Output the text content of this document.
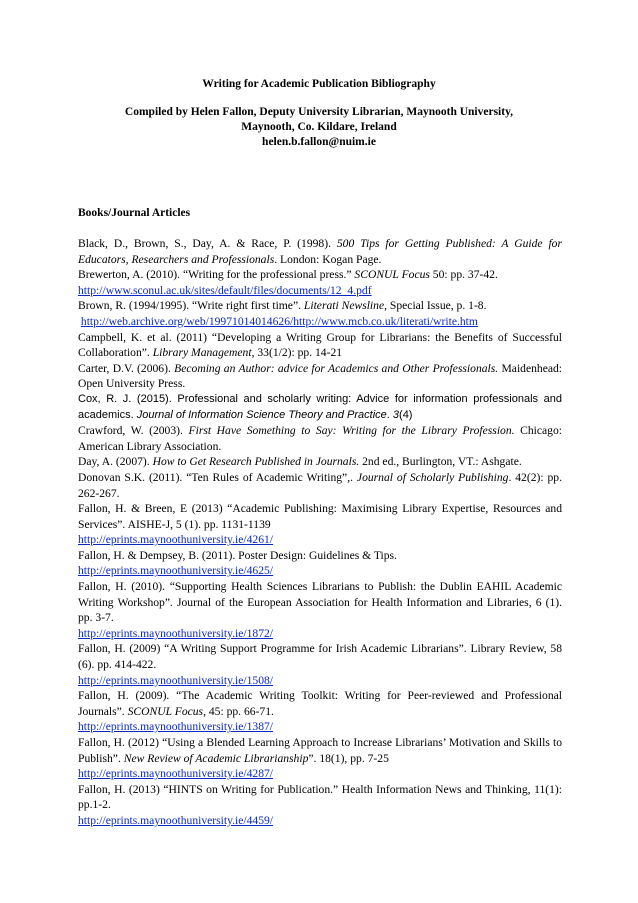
Writing for Academic Publication Bibliography
Compiled by Helen Fallon, Deputy University Librarian, Maynooth University,
Maynooth, Co. Kildare, Ireland
helen.b.fallon@nuim.ie
Books/Journal Articles

Black, D., Brown, S., Day, A. & Race, P. (1998). 500 Tips for Getting Published: A Guide for Educators, Researchers and Professionals. London: Kogan Page.

Brewerton, A. (2010). “Writing for the professional press.” SCONUL Focus 50: pp. 37-42.
http://www.sconul.ac.uk/sites/default/files/documents/12_4.pdf

Brown, R. (1994/1995). “Write right first time”. Literati Newsline, Special Issue, p. 1-8.
http://web.archive.org/web/19971014014626/http://www.mcb.co.uk/literati/write.htm

Campbell, K. et al. (2011) “Developing a Writing Group for Librarians: the Benefits of Successful Collaboration”. Library Management, 33(1/2): pp. 14-21

Carter, D.V. (2006). Becoming an Author: advice for Academics and Other Professionals. Maidenhead: Open University Press.

Cox, R. J. (2015). Professional and scholarly writing: Advice for information professionals and academics. Journal of Information Science Theory and Practice. 3(4)

Crawford, W. (2003). First Have Something to Say: Writing for the Library Profession. Chicago: American Library Association.

Day, A. (2007). How to Get Research Published in Journals. 2nd ed., Burlington, VT.: Ashgate.

Donovan S.K. (2011). “Ten Rules of Academic Writing”,. Journal of Scholarly Publishing. 42(2): pp. 262-267.

Fallon, H. & Breen, E (2013) “Academic Publishing: Maximising Library Expertise, Resources and Services”. AISHE-J, 5 (1). pp. 1131-1139
http://eprints.maynoothuniversity.ie/4261/

Fallon, H. & Dempsey, B. (2011). Poster Design: Guidelines & Tips.
http://eprints.maynoothuniversity.ie/4625/

Fallon, H. (2010). “Supporting Health Sciences Librarians to Publish: the Dublin EAHIL Academic Writing Workshop”. Journal of the European Association for Health Information and Libraries, 6 (1). pp. 3-7.
http://eprints.maynoothuniversity.ie/1872/

Fallon, H. (2009) “A Writing Support Programme for Irish Academic Librarians”. Library Review, 58 (6). pp. 414-422.
http://eprints.maynoothuniversity.ie/1508/

Fallon, H. (2009). “The Academic Writing Toolkit: Writing for Peer-reviewed and Professional Journals”. SCONUL Focus, 45: pp. 66-71.
http://eprints.maynoothuniversity.ie/1387/

Fallon, H. (2012) “Using a Blended Learning Approach to Increase Librarians’ Motivation and Skills to Publish”. New Review of Academic Librarianship”. 18(1), pp. 7-25
http://eprints.maynoothuniversity.ie/4287/

Fallon, H. (2013) “HINTS on Writing for Publication.” Health Information News and Thinking, 11(1): pp.1-2.
http://eprints.maynoothuniversity.ie/4459/
